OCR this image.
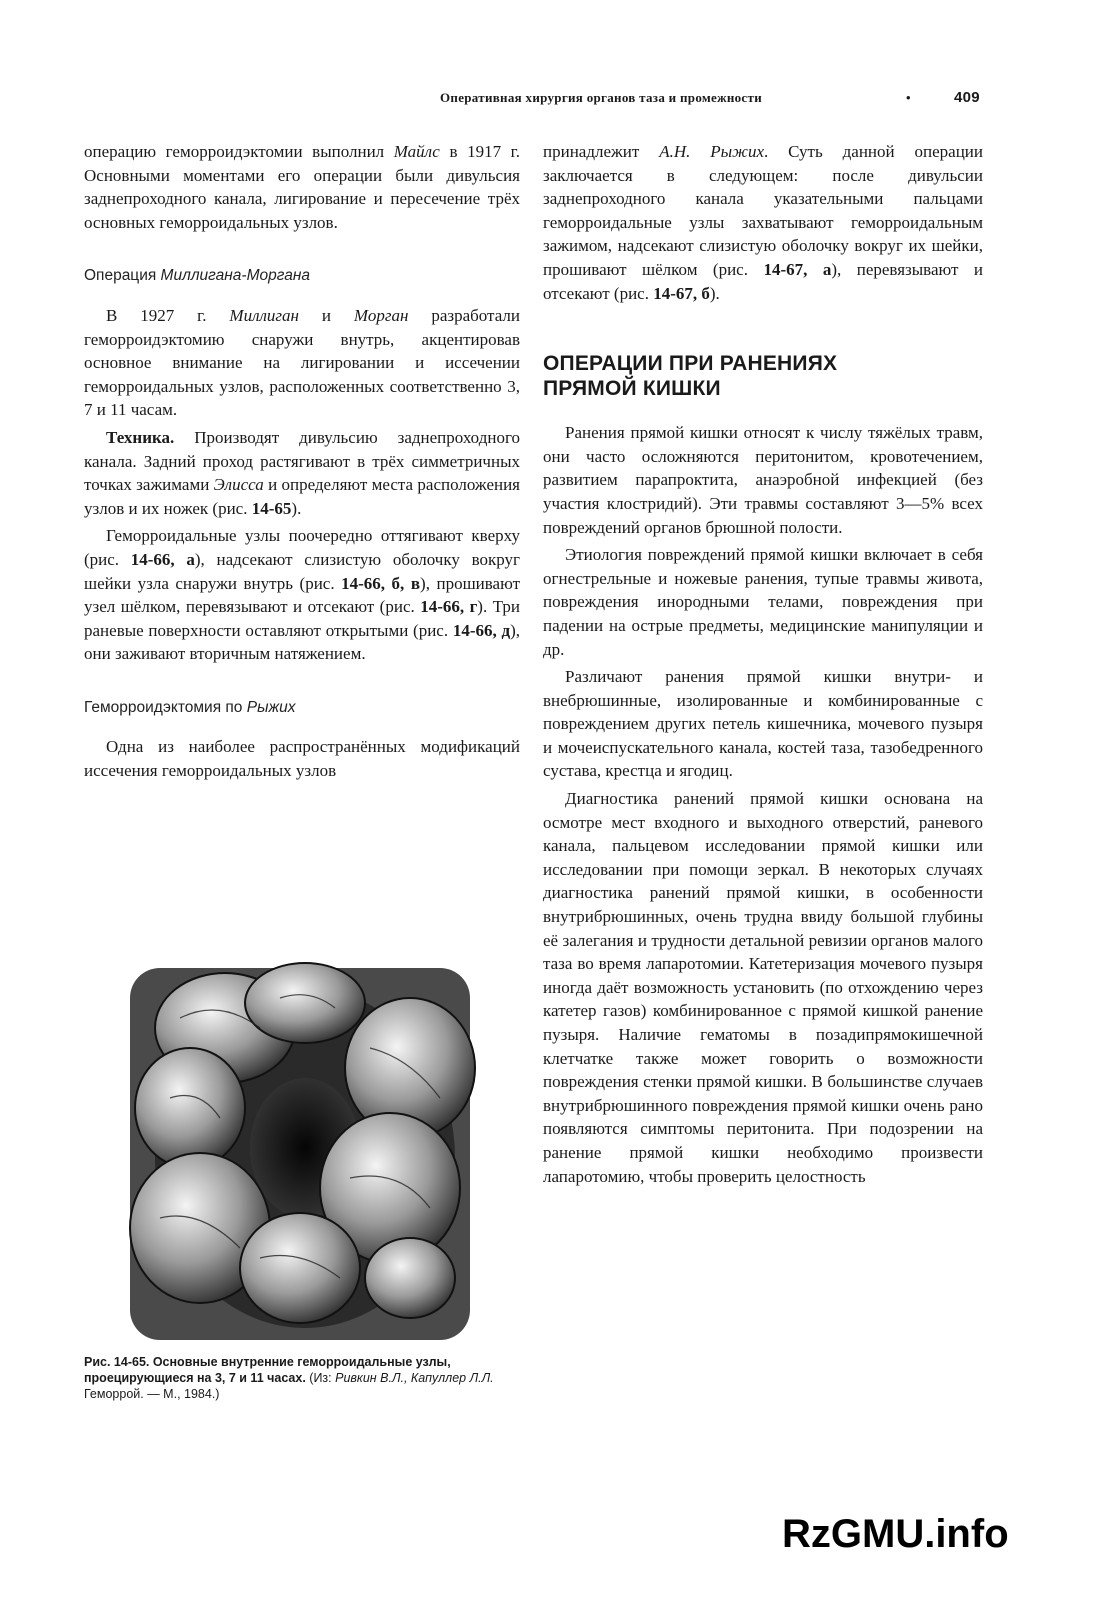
Оперативная хирургия органов таза и промежности	•	409

операцию геморроидэктомии выполнил Майлс в 1917 г. Основными моментами его операции были дивульсия заднепроходного канала, лигирование и пересечение трёх основных геморроидальных узлов.

Операция Миллигана-Моргана

В 1927 г. Миллиган и Морган разработали геморроидэктомию снаружи внутрь, акцентировав основное внимание на лигировании и иссечении геморроидальных узлов, расположенных соответственно 3, 7 и 11 часам.

Техника. Производят дивульсию заднепроходного канала. Задний проход растягивают в трёх симметричных точках зажимами Элисса и определяют места расположения узлов и их ножек (рис. 14-65).

Геморроидальные узлы поочередно оттягивают кверху (рис. 14-66, а), надсекают слизистую оболочку вокруг шейки узла снаружи внутрь (рис. 14-66, б, в), прошивают узел шёлком, перевязывают и отсекают (рис. 14-66, г). Три раневые поверхности оставляют открытыми (рис. 14-66, д), они заживают вторичным натяжением.

Геморроидэктомия по Рыжих

Одна из наиболее распространённых модификаций иссечения геморроидальных узлов

Рис. 14-65. Основные внутренние геморроидальные узлы, проецирующиеся на 3, 7 и 11 часах. (Из: Ривкин В.Л., Капуллер Л.Л. Геморрой. — М., 1984.)

принадлежит А.Н. Рыжих. Суть данной операции заключается в следующем: после дивульсии заднепроходного канала указательными пальцами геморроидальные узлы захватывают геморроидальным зажимом, надсекают слизистую оболочку вокруг их шейки, прошивают шёлком (рис. 14-67, а), перевязывают и отсекают (рис. 14-67, б).

ОПЕРАЦИИ ПРИ РАНЕНИЯХ
ПРЯМОЙ КИШКИ

Ранения прямой кишки относят к числу тяжёлых травм, они часто осложняются перитонитом, кровотечением, развитием парапроктита, анаэробной инфекцией (без участия клостридий). Эти травмы составляют 3—5% всех повреждений органов брюшной полости.

Этиология повреждений прямой кишки включает в себя огнестрельные и ножевые ранения, тупые травмы живота, повреждения инородными телами, повреждения при падении на острые предметы, медицинские манипуляции и др.

Различают ранения прямой кишки внутри- и внебрюшинные, изолированные и комбинированные с повреждением других петель кишечника, мочевого пузыря и мочеиспускательного канала, костей таза, тазобедренного сустава, крестца и ягодиц.

Диагностика ранений прямой кишки основана на осмотре мест входного и выходного отверстий, раневого канала, пальцевом исследовании прямой кишки или исследовании при помощи зеркал. В некоторых случаях диагностика ранений прямой кишки, в особенности внутрибрюшинных, очень трудна ввиду большой глубины её залегания и трудности детальной ревизии органов малого таза во время лапаротомии. Катетеризация мочевого пузыря иногда даёт возможность установить (по отхождению через катетер газов) комбинированное с прямой кишкой ранение пузыря. Наличие гематомы в позадипрямокишечной клетчатке также может говорить о возможности повреждения стенки прямой кишки. В большинстве случаев внутрибрюшинного повреждения прямой кишки очень рано появляются симптомы перитонита. При подозрении на ранение прямой кишки необходимо произвести лапаротомию, чтобы проверить целостность

RzGMU.info
